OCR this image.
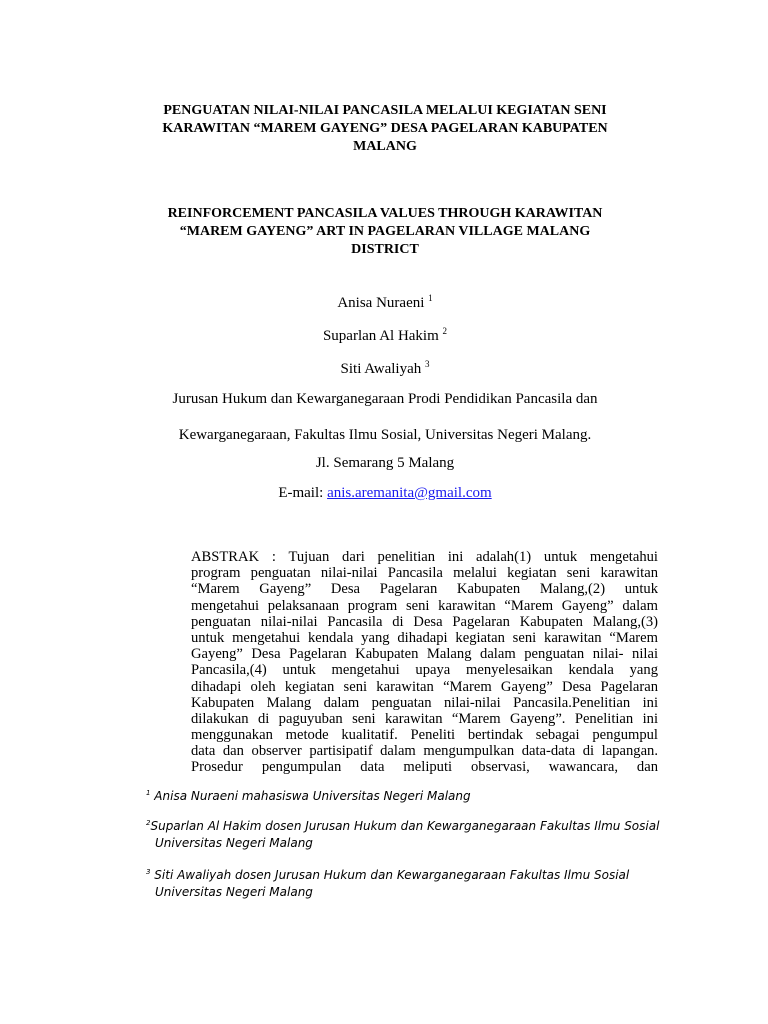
PENGUATAN NILAI-NILAI PANCASILA MELALUI KEGIATAN SENI
KARAWITAN “MAREM GAYENG” DESA PAGELARAN KABUPATEN
MALANG
REINFORCEMENT PANCASILA VALUES THROUGH KARAWITAN
“MAREM GAYENG” ART IN PAGELARAN VILLAGE MALANG
DISTRICT
Anisa Nuraeni $^1$
Suparlan Al Hakim $^2$
Siti Awaliyah $^3$
Jurusan Hukum dan Kewarganegaraan Prodi Pendidikan Pancasila dan
Kewarganegaraan, Fakultas Ilmu Sosial, Universitas Negeri Malang.
Jl. Semarang 5 Malang
E-mail: anis.aremanita@gmail.com
ABSTRAK : Tujuan dari penelitian ini adalah(1) untuk mengetahui
program penguatan nilai-nilai Pancasila melalui kegiatan seni karawitan
“Marem Gayeng” Desa Pagelaran Kabupaten Malang,(2) untuk
mengetahui pelaksanaan program seni karawitan “Marem Gayeng” dalam
penguatan nilai-nilai Pancasila di Desa Pagelaran Kabupaten Malang,(3)
untuk mengetahui kendala yang dihadapi kegiatan seni karawitan “Marem
Gayeng” Desa Pagelaran Kabupaten Malang dalam penguatan nilai- nilai
Pancasila,(4) untuk mengetahui upaya menyelesaikan kendala yang
dihadapi oleh kegiatan seni karawitan “Marem Gayeng” Desa Pagelaran
Kabupaten Malang dalam penguatan nilai-nilai Pancasila.Penelitian ini
dilakukan di paguyuban seni karawitan “Marem Gayeng”. Penelitian ini
menggunakan metode kualitatif. Peneliti bertindak sebagai pengumpul
data dan observer partisipatif dalam mengumpulkan data-data di lapangan.
Prosedur pengumpulan data meliputi observasi, wawancara, dan
$^1$ Anisa Nuraeni mahasiswa Universitas Negeri Malang
$^2$Suparlan Al Hakim dosen Jurusan Hukum dan Kewarganegaraan Fakultas Ilmu Sosial
Universitas Negeri Malang
$^3$ Siti Awaliyah dosen Jurusan Hukum dan Kewarganegaraan Fakultas Ilmu Sosial
Universitas Negeri Malang
